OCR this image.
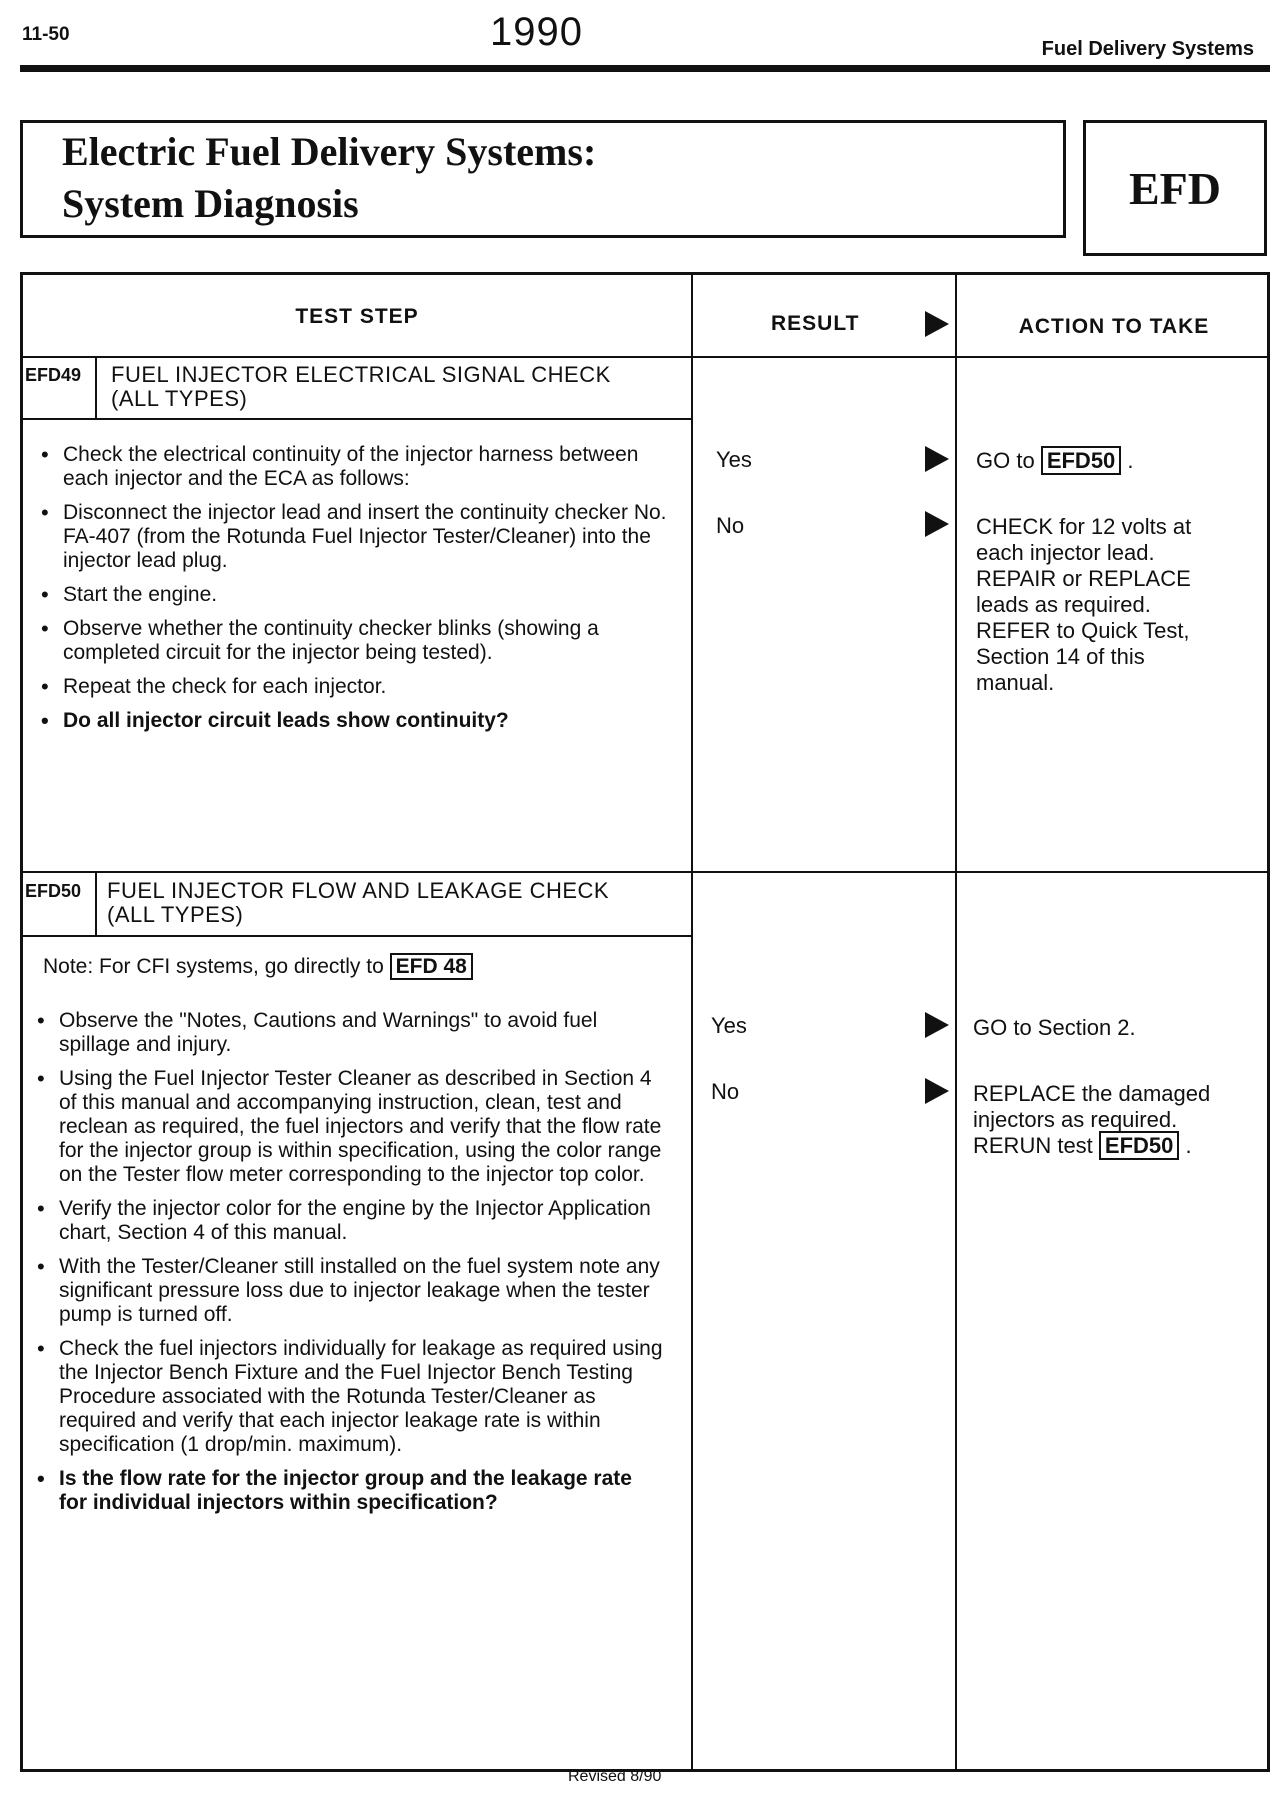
11-50	1990	Fuel Delivery Systems
Electric Fuel Delivery Systems:
System Diagnosis	EFD
TEST STEP	RESULT	ACTION TO TAKE
EFD49 FUEL INJECTOR ELECTRICAL SIGNAL CHECK
(ALL TYPES)
• Check the electrical continuity of the injector harness between each injector and the ECA as follows:
• Disconnect the injector lead and insert the continuity checker No. FA-407 (from the Rotunda Fuel Injector Tester/Cleaner) into the injector lead plug.
• Start the engine.
• Observe whether the continuity checker blinks (showing a completed circuit for the injector being tested).
• Repeat the check for each injector.
• Do all injector circuit leads show continuity?
Yes	GO to EFD50 .
No	CHECK for 12 volts at
each injector lead.
REPAIR or REPLACE
leads as required.
REFER to Quick Test,
Section 14 of this
manual.
EFD50 FUEL INJECTOR FLOW AND LEAKAGE CHECK
(ALL TYPES)
Note: For CFI systems, go directly to EFD 48
• Observe the "Notes, Cautions and Warnings" to avoid fuel spillage and injury.
• Using the Fuel Injector Tester Cleaner as described in Section 4 of this manual and accompanying instruction, clean, test and reclean as required, the fuel injectors and verify that the flow rate for the injector group is within specification, using the color range on the Tester flow meter corresponding to the injector top color.
• Verify the injector color for the engine by the Injector Application chart, Section 4 of this manual.
• With the Tester/Cleaner still installed on the fuel system note any significant pressure loss due to injector leakage when the tester pump is turned off.
• Check the fuel injectors individually for leakage as required using the Injector Bench Fixture and the Fuel Injector Bench Testing Procedure associated with the Rotunda Tester/Cleaner as required and verify that each injector leakage rate is within specification (1 drop/min. maximum).
• Is the flow rate for the injector group and the leakage rate for individual injectors within specification?
Yes	GO to Section 2.
No	REPLACE the damaged
injectors as required.
RERUN test EFD50 .
Revised 8/90
